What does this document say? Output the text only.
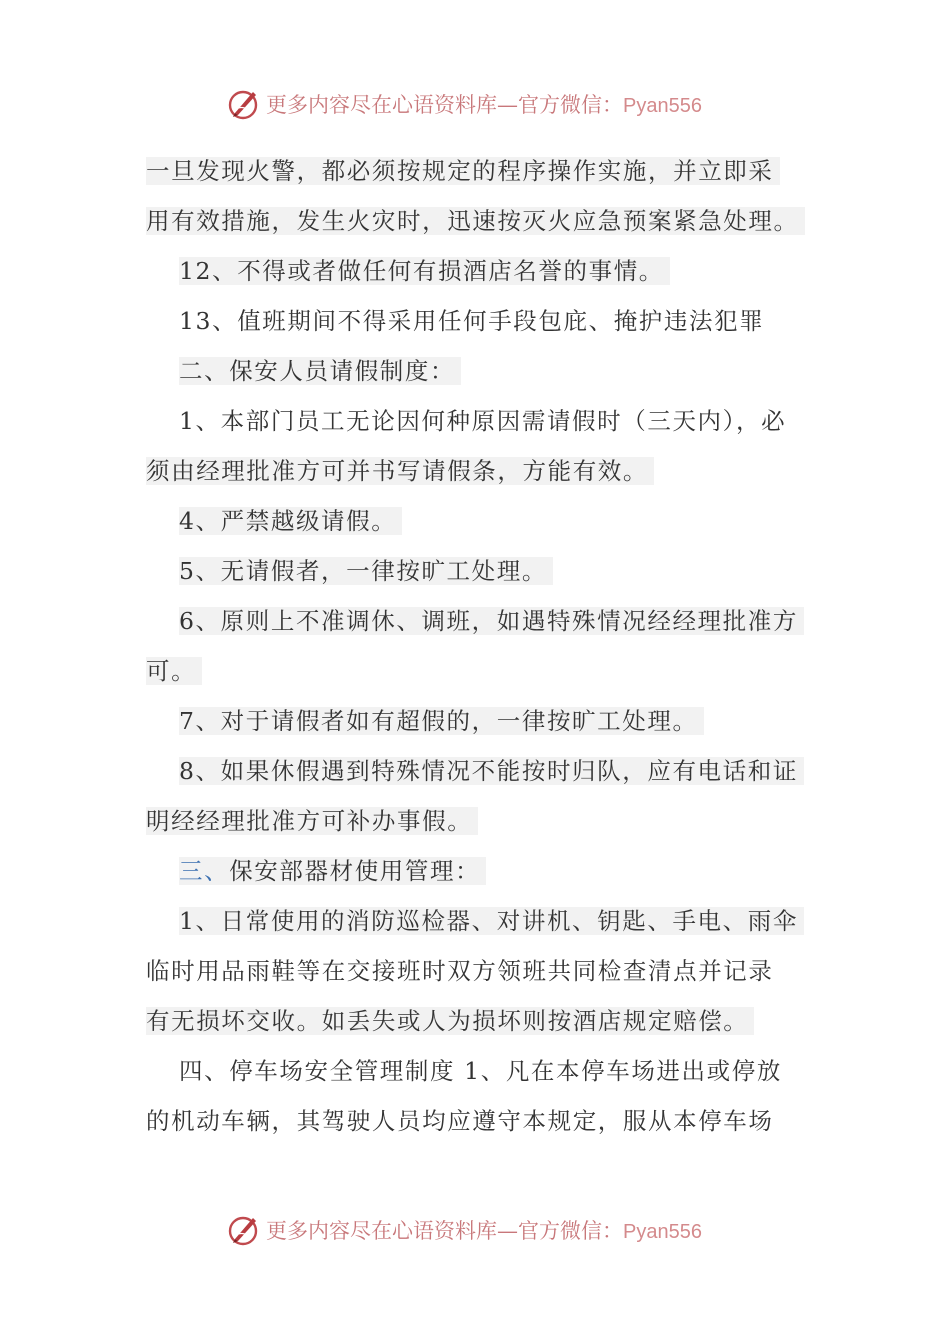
更多内容尽在心语资料库—官方微信：Pyan556
一旦发现火警，都必须按规定的程序操作实施，并立即采
用有效措施，发生火灾时，迅速按灭火应急预案紧急处理。
12、不得或者做任何有损酒店名誉的事情。
13、值班期间不得采用任何手段包庇、掩护违法犯罪
二、保安人员请假制度：
1、本部门员工无论因何种原因需请假时（三天内），必
须由经理批准方可并书写请假条，方能有效。
4、严禁越级请假。
5、无请假者，一律按旷工处理。
6、原则上不准调休、调班，如遇特殊情况经经理批准方
可。
7、对于请假者如有超假的，一律按旷工处理。
8、如果休假遇到特殊情况不能按时归队，应有电话和证
明经经理批准方可补办事假。
三、保安部器材使用管理：
1、日常使用的消防巡检器、对讲机、钥匙、手电、雨伞
临时用品雨鞋等在交接班时双方领班共同检查清点并记录
有无损坏交收。如丢失或人为损坏则按酒店规定赔偿。
四、停车场安全管理制度 1、凡在本停车场进出或停放
的机动车辆，其驾驶人员均应遵守本规定，服从本停车场
更多内容尽在心语资料库—官方微信：Pyan556
